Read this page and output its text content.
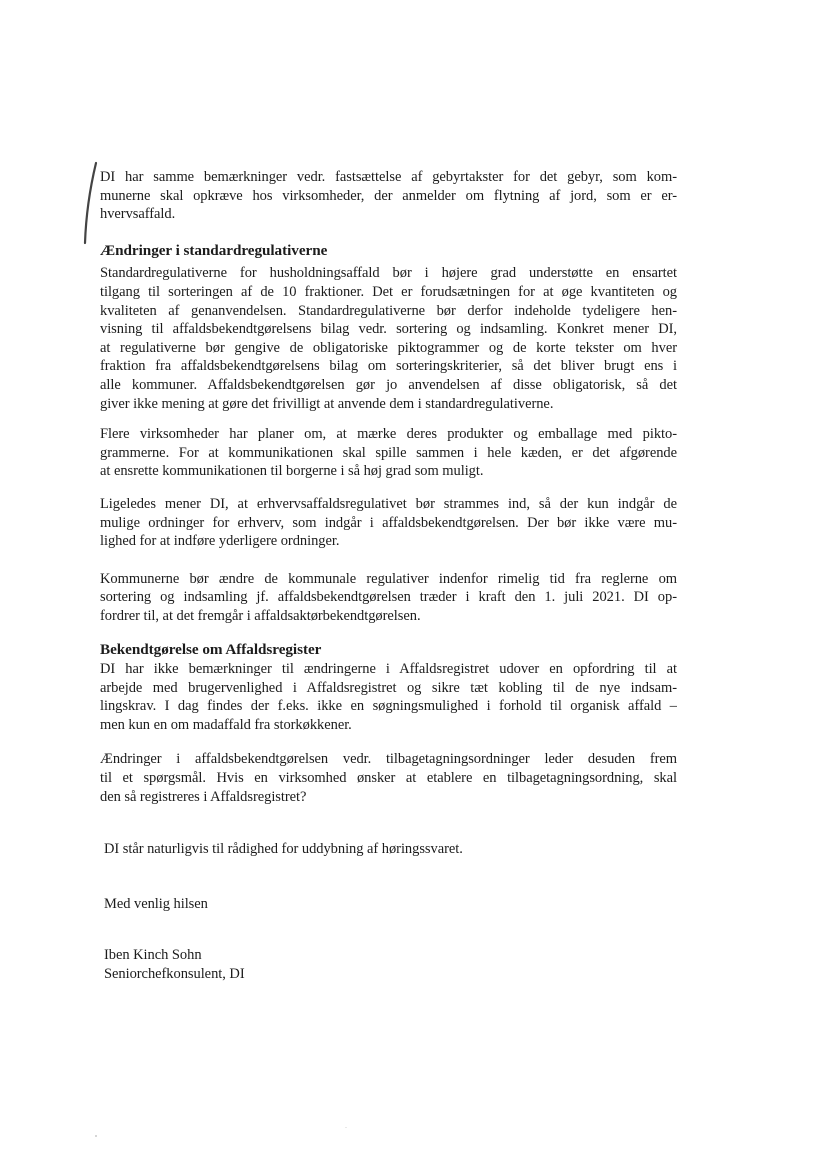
DI har samme bemærkninger vedr. fastsættelse af gebyrtakster for det gebyr, som kom-
munerne skal opkræve hos virksomheder, der anmelder om flytning af jord, som er er-
hvervsaffald.

Ændringer i standardregulativerne

Standardregulativerne for husholdningsaffald bør i højere grad understøtte en ensartet
tilgang til sorteringen af de 10 fraktioner. Det er forudsætningen for at øge kvantiteten og
kvaliteten af genanvendelsen. Standardregulativerne bør derfor indeholde tydeligere hen-
visning til affaldsbekendtgørelsens bilag vedr. sortering og indsamling. Konkret mener DI,
at regulativerne bør gengive de obligatoriske piktogrammer og de korte tekster om hver
fraktion fra affaldsbekendtgørelsens bilag om sorteringskriterier, så det bliver brugt ens i
alle kommuner. Affaldsbekendtgørelsen gør jo anvendelsen af disse obligatorisk, så det
giver ikke mening at gøre det frivilligt at anvende dem i standardregulativerne.

Flere virksomheder har planer om, at mærke deres produkter og emballage med pikto-
grammerne. For at kommunikationen skal spille sammen i hele kæden, er det afgørende
at ensrette kommunikationen til borgerne i så høj grad som muligt.

Ligeledes mener DI, at erhvervsaffaldsregulativet bør strammes ind, så der kun indgår de
mulige ordninger for erhverv, som indgår i affaldsbekendtgørelsen. Der bør ikke være mu-
lighed for at indføre yderligere ordninger.

Kommunerne bør ændre de kommunale regulativer indenfor rimelig tid fra reglerne om
sortering og indsamling jf. affaldsbekendtgørelsen træder i kraft den 1. juli 2021. DI op-
fordrer til, at det fremgår i affaldsaktørbekendtgørelsen.

Bekendtgørelse om Affaldsregister

DI har ikke bemærkninger til ændringerne i Affaldsregistret udover en opfordring til at
arbejde med brugervenlighed i Affaldsregistret og sikre tæt kobling til de nye indsam-
lingskrav. I dag findes der f.eks. ikke en søgningsmulighed i forhold til organisk affald –
men kun en om madaffald fra storkøkkener.

Ændringer i affaldsbekendtgørelsen vedr. tilbagetagningsordninger leder desuden frem
til et spørgsmål. Hvis en virksomhed ønsker at etablere en tilbagetagningsordning, skal
den så registreres i Affaldsregistret?

DI står naturligvis til rådighed for uddybning af høringssvaret.

Med venlig hilsen

Iben Kinch Sohn
Seniorchefkonsulent, DI
